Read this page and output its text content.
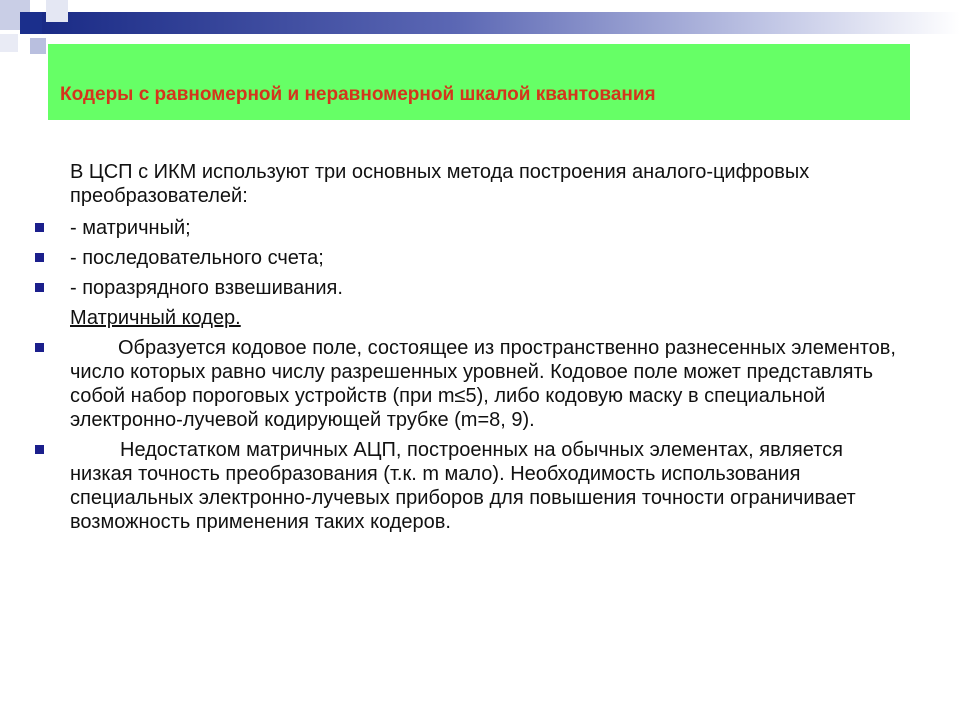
Кодеры с равномерной и неравномерной шкалой квантования

В ЦСП с ИКМ используют три основных метода построения аналого-цифровых преобразователей:

- матричный;

- последовательного счета;

- поразрядного взвешивания.

Матричный кодер.

Образуется кодовое поле, состоящее из пространственно разнесенных элементов, число которых равно числу разрешенных уровней. Кодовое поле может представлять собой набор пороговых устройств (при m≤5), либо кодовую маску в специальной электронно-лучевой кодирующей трубке (m=8, 9).

Недостатком матричных АЦП, построенных на обычных элементах, является низкая точность преобразования (т.к. m мало). Необходимость использования специальных электронно-лучевых приборов для повышения точности ограничивает возможность применения таких кодеров.
